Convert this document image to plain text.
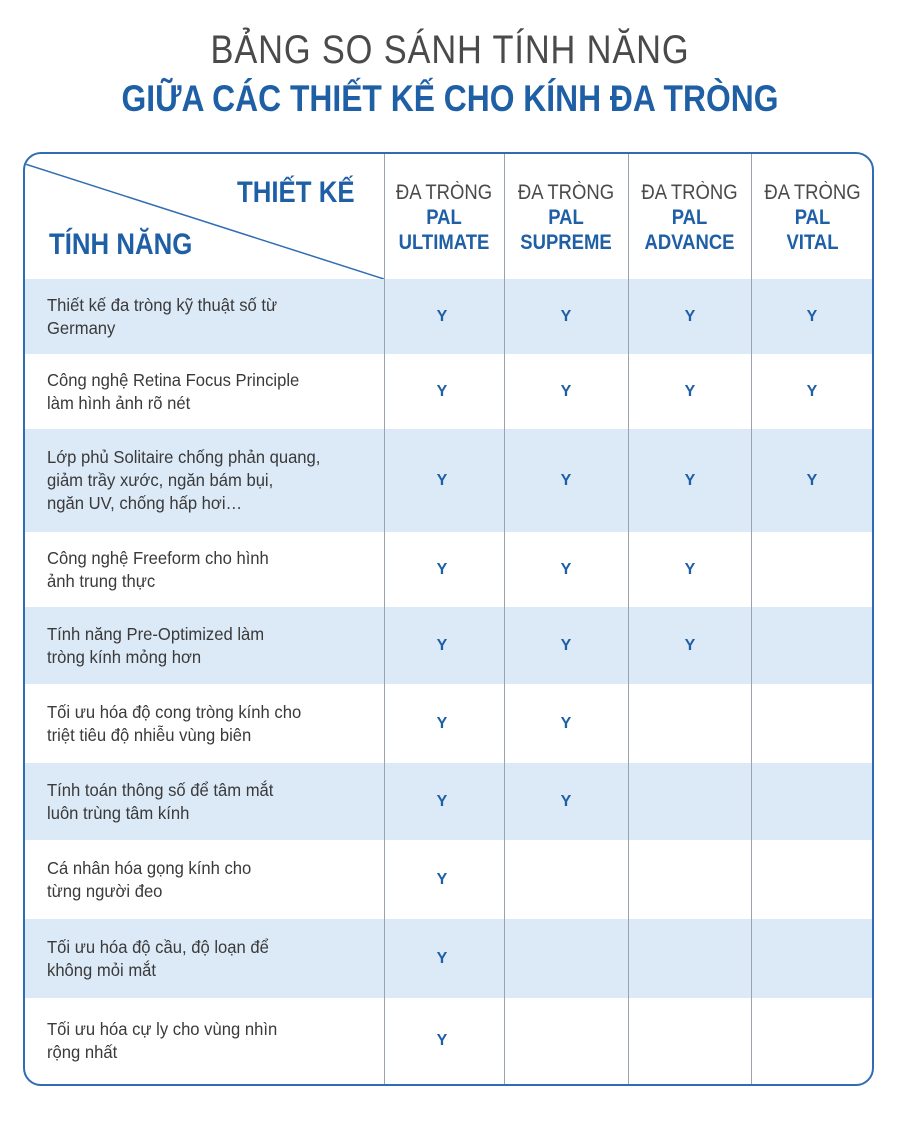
BẢNG SO SÁNH TÍNH NĂNG
GIỮA CÁC THIẾT KẾ CHO KÍNH ĐA TRÒNG
THIẾT KẾ
TÍNH NĂNG
ĐA TRÒNG
PAL
ULTIMATE
ĐA TRÒNG
PAL
SUPREME
ĐA TRÒNG
PAL
ADVANCE
ĐA TRÒNG
PAL
VITAL
Thiết kế đa tròng kỹ thuật số từ
Germany
Y	Y	Y	Y
Công nghệ Retina Focus Principle
làm hình ảnh rõ nét
Y	Y	Y	Y
Lớp phủ Solitaire chống phản quang,
giảm trầy xước, ngăn bám bụi,
ngăn UV, chống hấp hơi…
Y	Y	Y	Y
Công nghệ Freeform cho hình
ảnh trung thực
Y	Y	Y
Tính năng Pre-Optimized làm
tròng kính mỏng hơn
Y	Y	Y
Tối ưu hóa độ cong tròng kính cho
triệt tiêu độ nhiễu vùng biên
Y	Y
Tính toán thông số để tâm mắt
luôn trùng tâm kính
Y	Y
Cá nhân hóa gọng kính cho
từng người đeo
Y
Tối ưu hóa độ cầu, độ loạn để
không mỏi mắt
Y
Tối ưu hóa cự ly cho vùng nhìn
rộng nhất
Y
